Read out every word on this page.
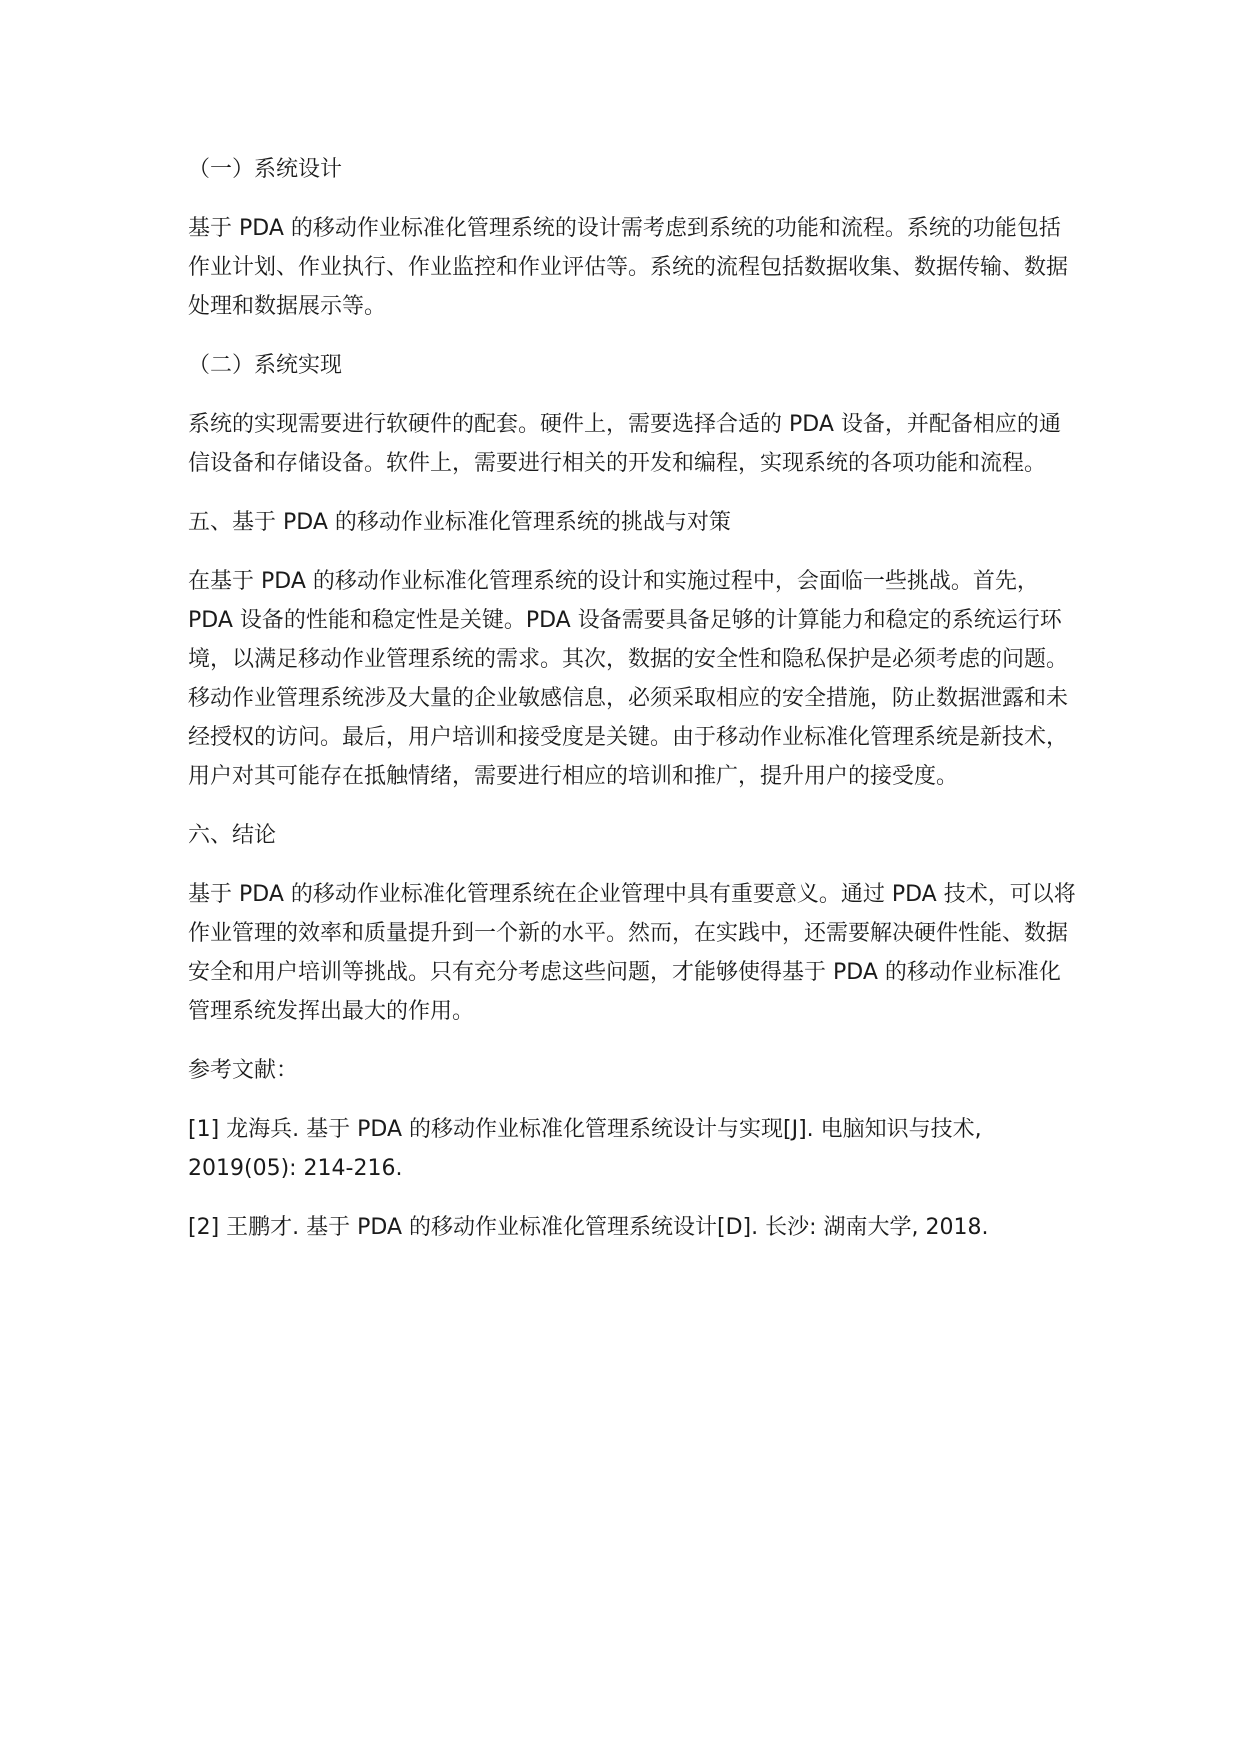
（一）系统设计

基于 PDA 的移动作业标准化管理系统的设计需考虑到系统的功能和流程。系统的功能包括作业计划、作业执行、作业监控和作业评估等。系统的流程包括数据收集、数据传输、数据处理和数据展示等。

（二）系统实现

系统的实现需要进行软硬件的配套。硬件上，需要选择合适的 PDA 设备，并配备相应的通信设备和存储设备。软件上，需要进行相关的开发和编程，实现系统的各项功能和流程。

五、基于 PDA 的移动作业标准化管理系统的挑战与对策

在基于 PDA 的移动作业标准化管理系统的设计和实施过程中，会面临一些挑战。首先，PDA 设备的性能和稳定性是关键。PDA 设备需要具备足够的计算能力和稳定的系统运行环境，以满足移动作业管理系统的需求。其次，数据的安全性和隐私保护是必须考虑的问题。移动作业管理系统涉及大量的企业敏感信息，必须采取相应的安全措施，防止数据泄露和未经授权的访问。最后，用户培训和接受度是关键。由于移动作业标准化管理系统是新技术，用户对其可能存在抵触情绪，需要进行相应的培训和推广，提升用户的接受度。

六、结论

基于 PDA 的移动作业标准化管理系统在企业管理中具有重要意义。通过 PDA 技术，可以将作业管理的效率和质量提升到一个新的水平。然而，在实践中，还需要解决硬件性能、数据安全和用户培训等挑战。只有充分考虑这些问题，才能够使得基于 PDA 的移动作业标准化管理系统发挥出最大的作用。

参考文献：

[1] 龙海兵. 基于 PDA 的移动作业标准化管理系统设计与实现[J]. 电脑知识与技术, 2019(05): 214-216.

[2] 王鹏才. 基于 PDA 的移动作业标准化管理系统设计[D]. 长沙: 湖南大学, 2018.
